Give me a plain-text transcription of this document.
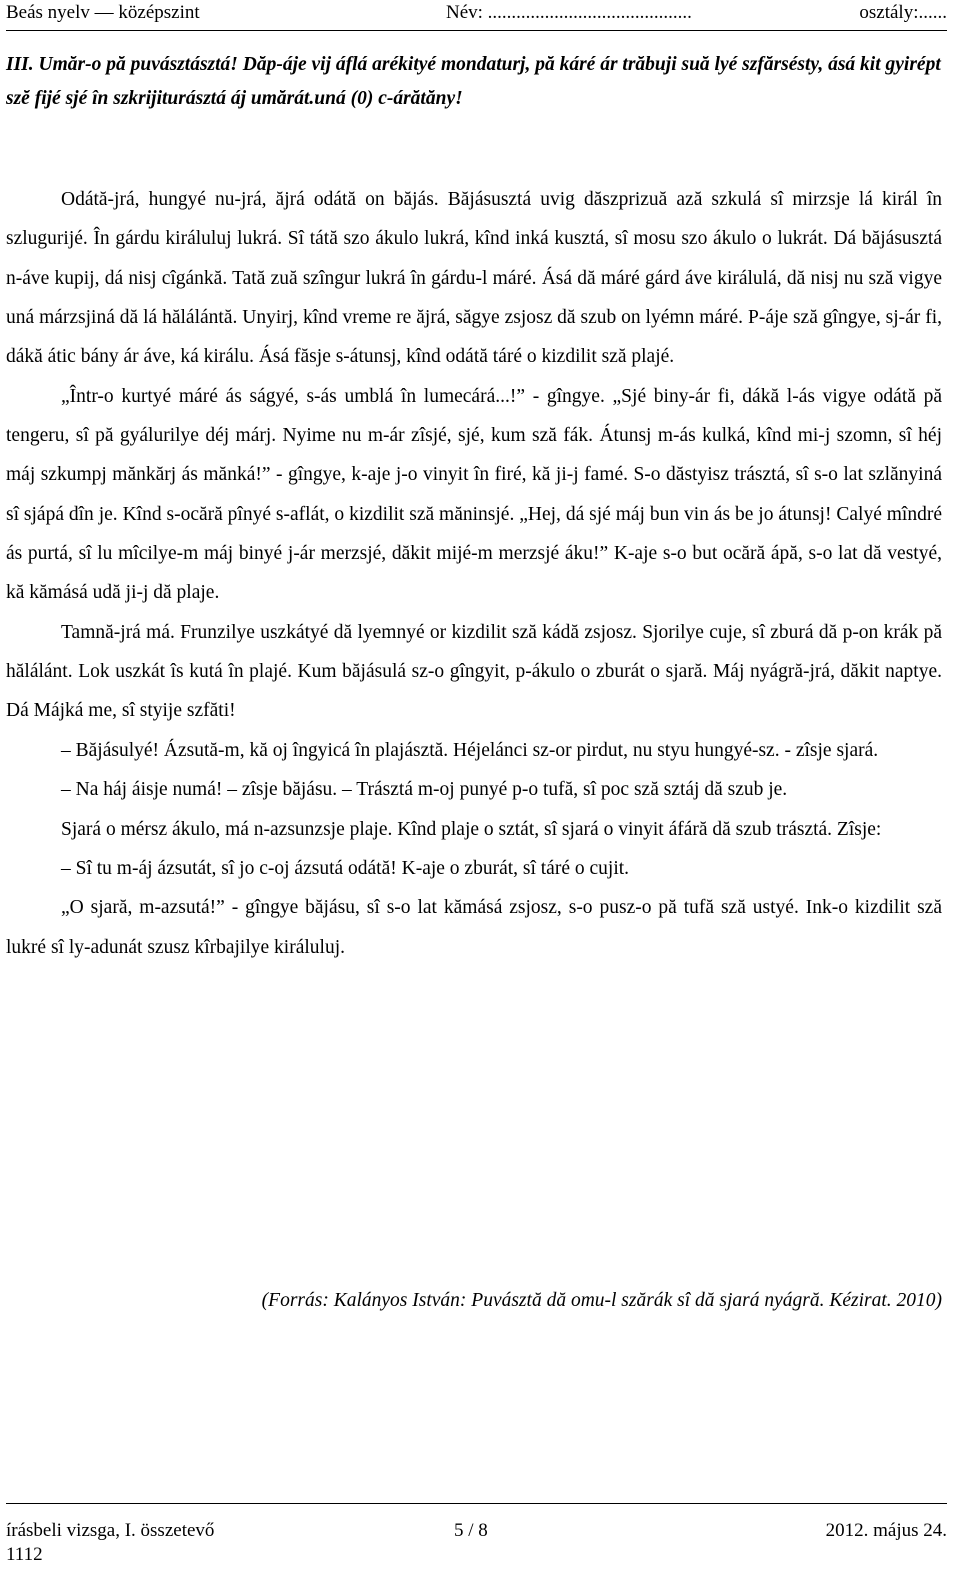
Beás nyelv — középszint	Név: ...........................................	osztály:......
III. Umăr-o pă puvásztásztá! Dăp-áje vij áflá arékityé mondaturj, pă káré ár trăbuji suă lyé szfărsésty, ásá kit gyirépt szĕ fijé sjé în szkrijiturásztá áj umărát.uná (0) c-árătăny!

Odátă-jrá, hungyé nu-jrá, ăjrá odátă on băjás. Băjásusztá uvig dăszprizuă ază szkulá sî mirzsje lá királ în szlugurijé. În gárdu királuluj lukrá. Sî tátă szo ákulo lukrá, kînd inká kusztá, sî mosu szo ákulo o lukrát. Dá băjásusztá n-áve kupij, dá nisj cîgánkă. Tată zuă szîngur lukrá în gárdu-l máré. Ásá dă máré gárd áve királulá, dă nisj nu sză vigye uná márzsjiná dă lá hălálántă. Unyirj, kînd vreme re ăjrá, săgye zsjosz dă szub on lyémn máré. P-áje sză gîngye, sj-ár fi, dákă átic bány ár áve, ká királu. Ásá făsje s-átunsj, kînd odátă táré o kizdilit sză plajé.

„Într-o kurtyé máré ás ságyé, s-ás umblá în lumecárá...!” - gîngye. „Sjé biny-ár fi, dákă l-ás vigye odátă pă tengeru, sî pă gyálurilye déj márj. Nyime nu m-ár zîsjé, sjé, kum sză fák. Átunsj m-ás kulká, kînd mi-j szomn, sî héj máj szkumpj mănkărj ás mănká!” - gîngye, k-aje j-o vinyit în firé, kă ji-j famé. S-o dăstyisz trásztá, sî s-o lat szlănyiná sî sjápá dîn je. Kînd s-ocără pînyé s-aflát, o kizdilit sză măninsjé. „Hej, dá sjé máj bun vin ás be jo átunsj! Calyé mîndré ás purtá, sî lu mîcilye-m máj binyé j-ár merzsjé, dăkit mijé-m merzsjé áku!” K-aje s-o but ocără ápă, s-o lat dă vestyé, kă kămásá udă ji-j dă plaje.

Tamnă-jrá má. Frunzilye uszkátyé dă lyemnyé or kizdilit sză kádă zsjosz. Sjorilye cuje, sî zburá dă p-on krák pă hălálánt. Lok uszkát îs kutá în plajé. Kum băjásulá sz-o gîngyit, p-ákulo o zburát o sjară. Máj nyágră-jrá, dăkit naptye. Dá Májká me, sî styije szfăti!

– Băjásulyé! Ázsută-m, kă oj îngyicá în plajásztă. Héjelánci sz-or pirdut, nu styu hungyé-sz. - zîsje sjará.

– Na háj áisje numá! – zîsje băjásu. – Trásztá m-oj punyé p-o tufă, sî poc sză sztáj dă szub je.

Sjará o mérsz ákulo, má n-azsunzsje plaje. Kînd plaje o sztát, sî sjará o vinyit áfáră dă szub trásztá. Zîsje:

– Sî tu m-áj ázsutát, sî jo c-oj ázsutá odátă! K-aje o zburát, sî táré o cujit.

„O sjară, m-azsutá!” - gîngye băjásu, sî s-o lat kămásá zsjosz, s-o pusz-o pă tufă sză ustyé. Ink-o kizdilit sză lukré sî ly-adunát szusz kîrbajilye királuluj.

(Forrás: Kalányos István: Puvásztă dă omu-l szărák sî dă sjará nyágră. Kézirat. 2010)
írásbeli vizsga, I. összetevő	5 / 8	2012. május 24.
1112
